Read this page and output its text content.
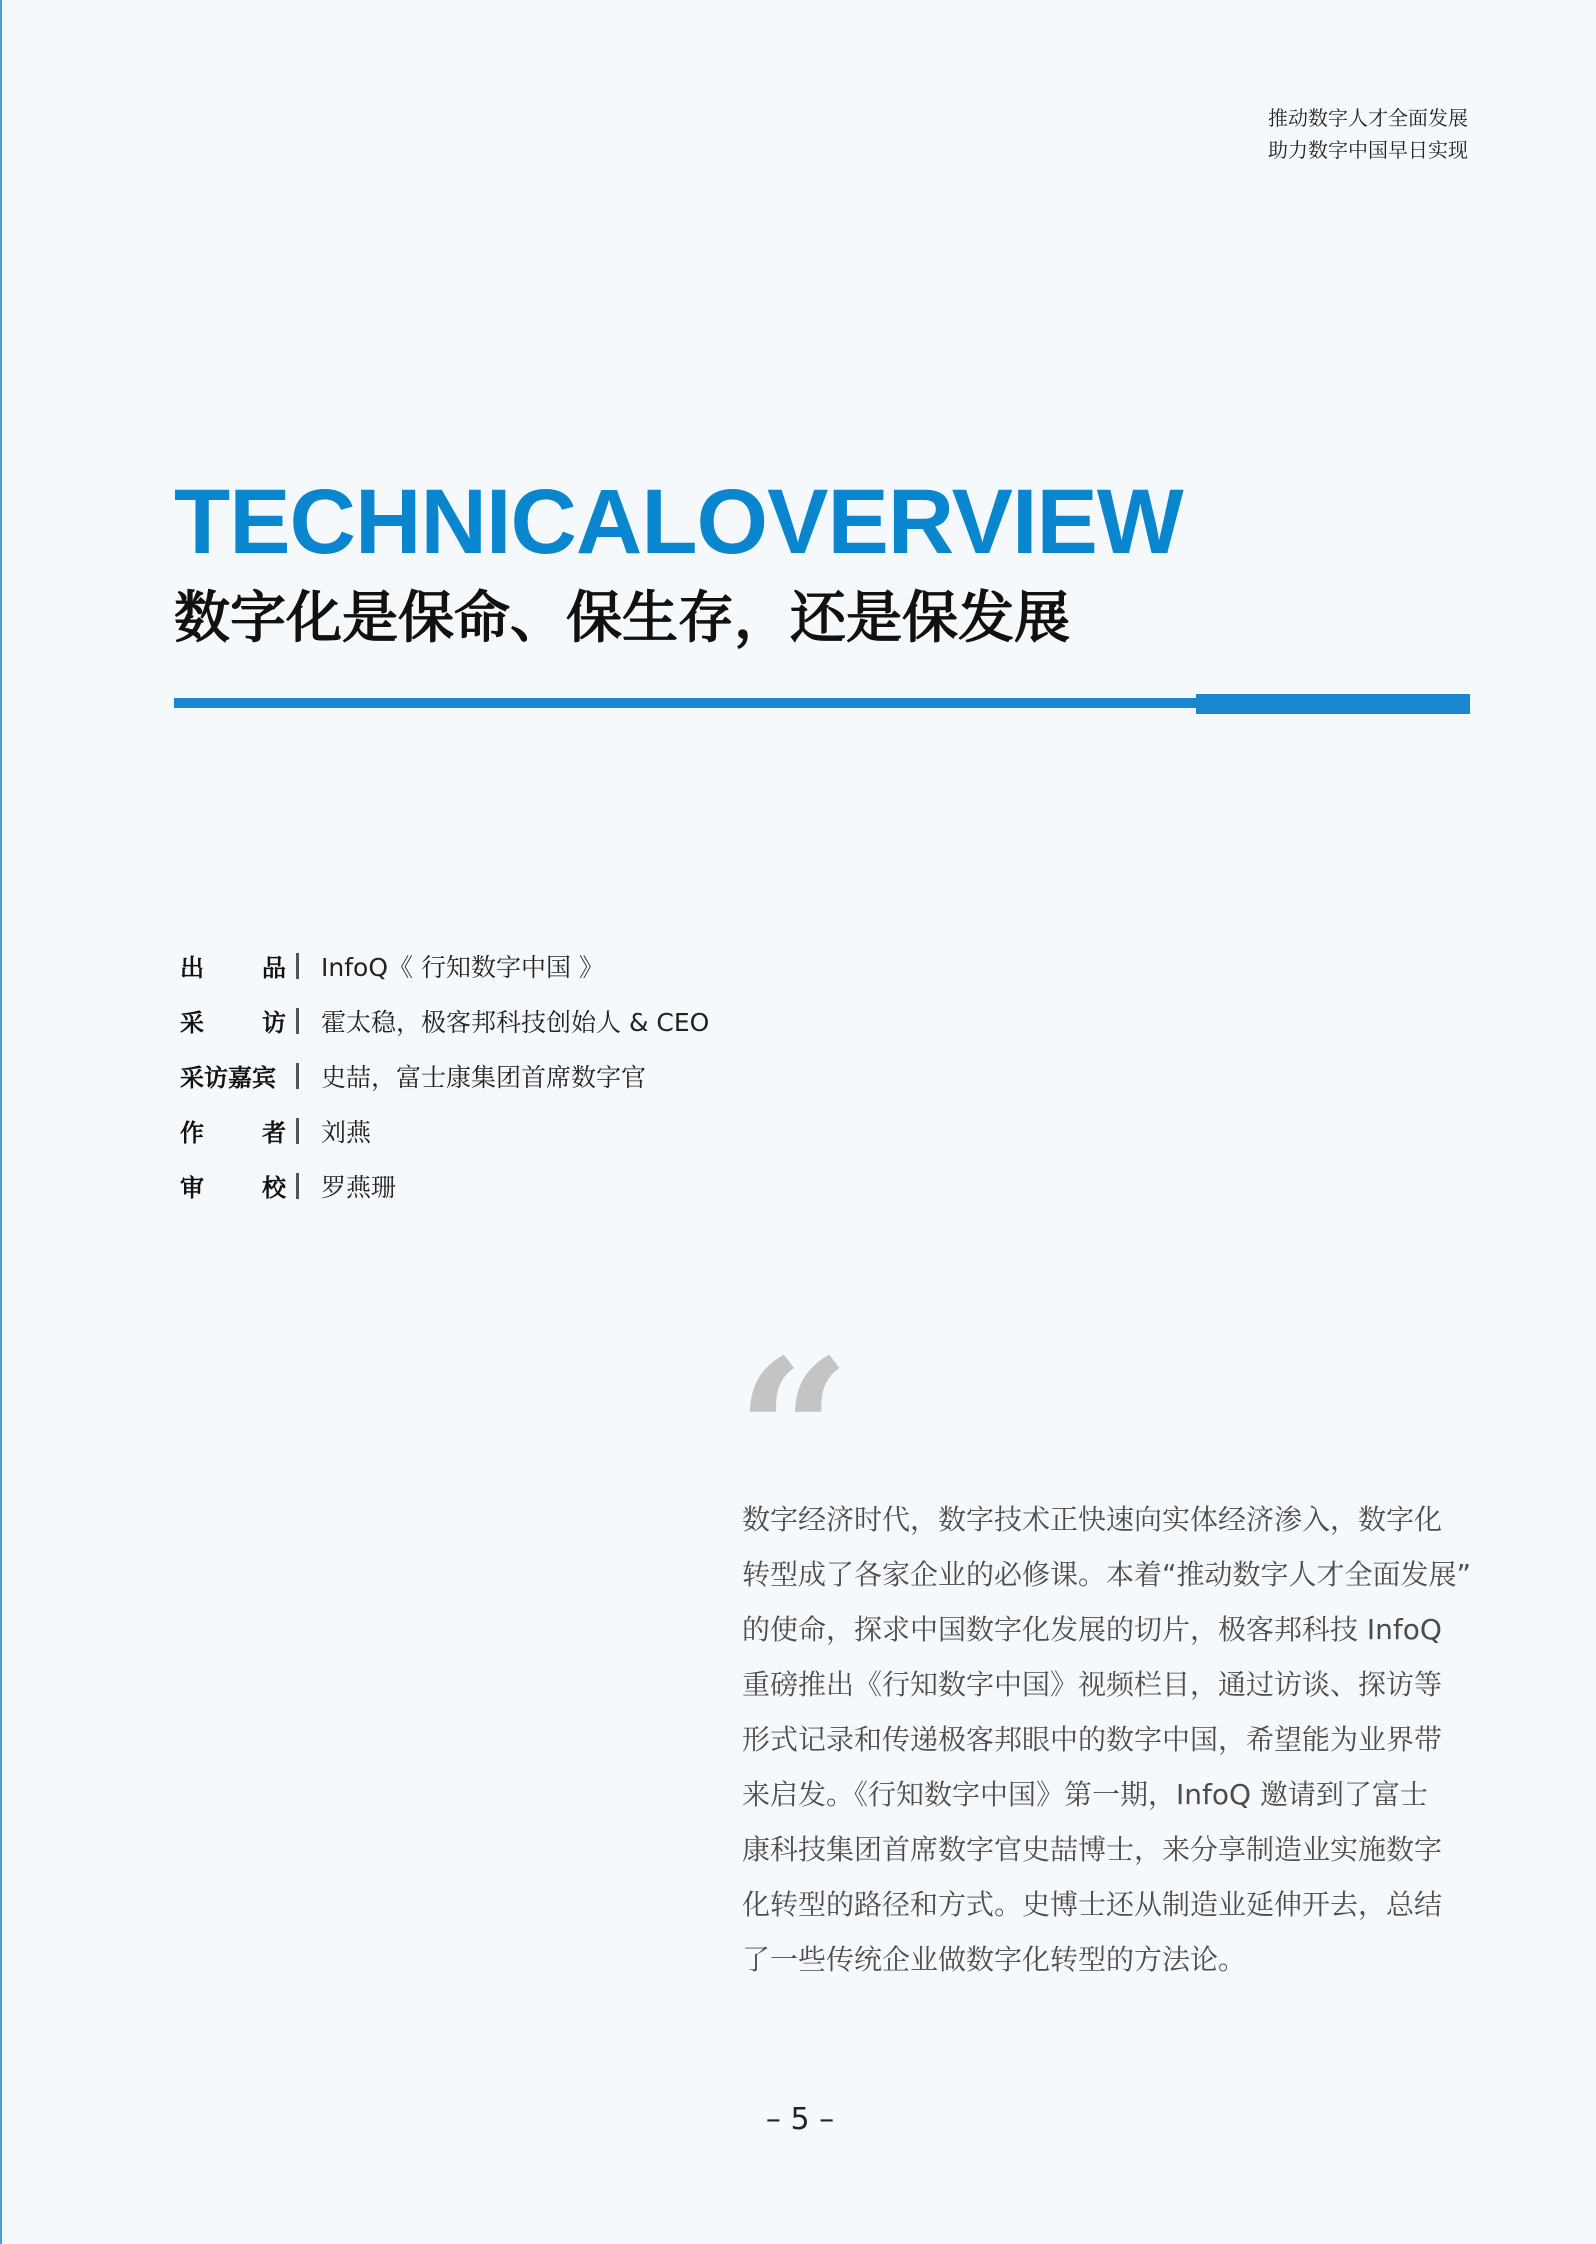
推动数字人才全面发展
助力数字中国早日实现
TECHNICALOVERVIEW
数字化是保命、保生存，还是保发展
出 品 InfoQ《 行知数字中国 》
采 访 霍太稳，极客邦科技创始人 & CEO
采访嘉宾 史喆，富士康集团首席数字官
作 者 刘燕
审 校 罗燕珊
“
数字经济时代，数字技术正快速向实体经济渗入，数字化
转型成了各家企业的必修课。本着“推动数字人才全面发展”
的使命，探求中国数字化发展的切片，极客邦科技 InfoQ
重磅推出《行知数字中国》视频栏目，通过访谈、探访等
形式记录和传递极客邦眼中的数字中国，希望能为业界带
来启发。《行知数字中国》第一期，InfoQ 邀请到了富士
康科技集团首席数字官史喆博士，来分享制造业实施数字
化转型的路径和方式。史博士还从制造业延伸开去，总结
了一些传统企业做数字化转型的方法论。
– 5 –
